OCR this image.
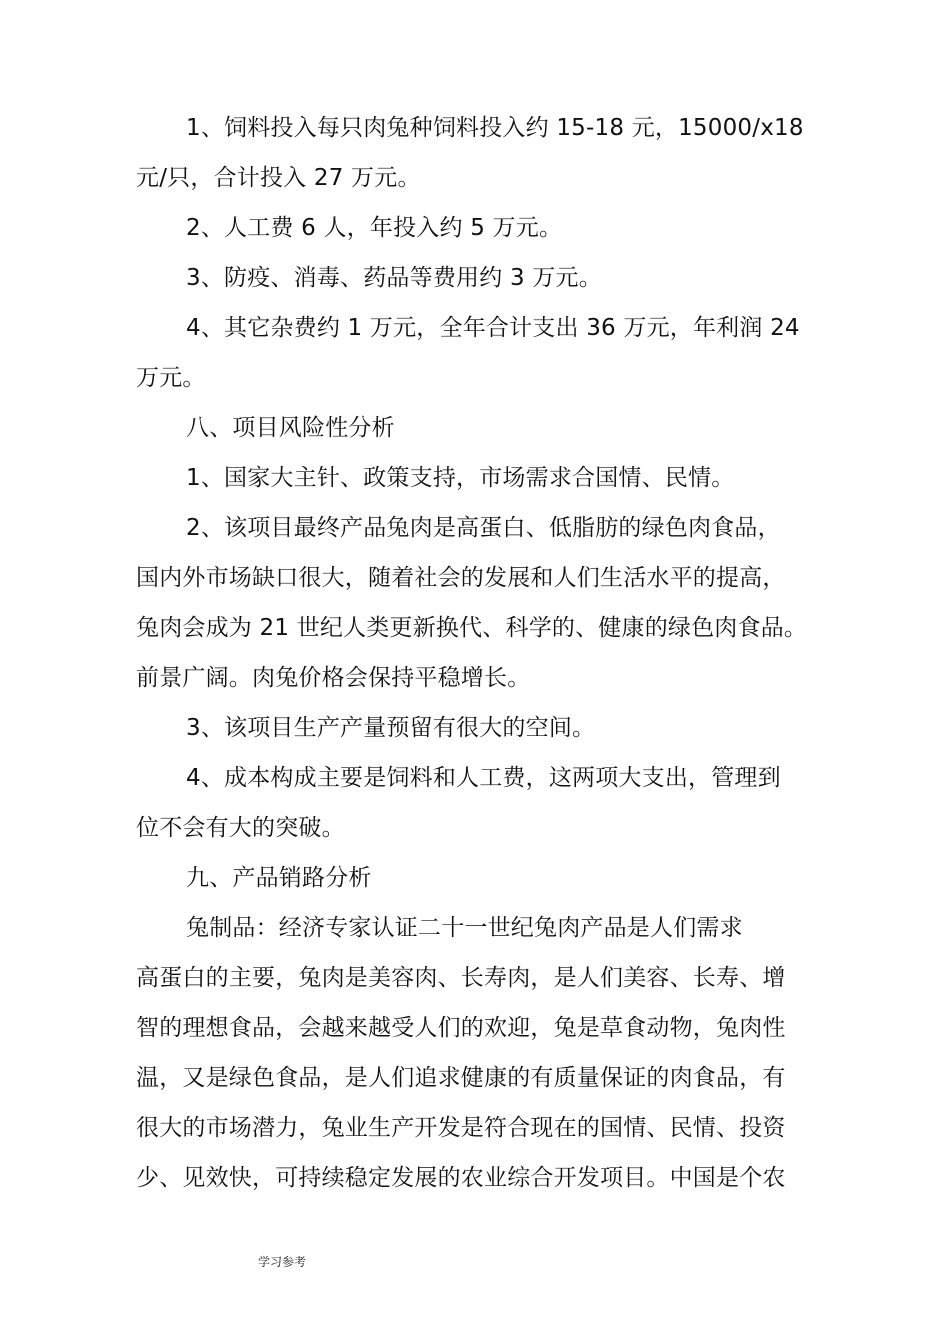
1、饲料投入每只肉兔种饲料投入约 15-18 元，15000/x18
元/只，合计投入 27 万元。
2、人工费 6 人，年投入约 5 万元。
3、防疫、消毒、药品等费用约 3 万元。
4、其它杂费约 1 万元，全年合计支出 36 万元，年利润 24
万元。
八、项目风险性分析
1、国家大主针、政策支持，市场需求合国情、民情。
2、该项目最终产品兔肉是高蛋白、低脂肪的绿色肉食品，
国内外市场缺口很大，随着社会的发展和人们生活水平的提高，
兔肉会成为 21 世纪人类更新换代、科学的、健康的绿色肉食品。
前景广阔。肉兔价格会保持平稳增长。
3、该项目生产产量预留有很大的空间。
4、成本构成主要是饲料和人工费，这两项大支出，管理到
位不会有大的突破。
九、产品销路分析
兔制品：经济专家认证二十一世纪兔肉产品是人们需求
高蛋白的主要，兔肉是美容肉、长寿肉，是人们美容、长寿、增
智的理想食品，会越来越受人们的欢迎，兔是草食动物，兔肉性
温，又是绿色食品，是人们追求健康的有质量保证的肉食品，有
很大的市场潜力，兔业生产开发是符合现在的国情、民情、投资
少、见效快，可持续稳定发展的农业综合开发项目。中国是个农
学习参考
